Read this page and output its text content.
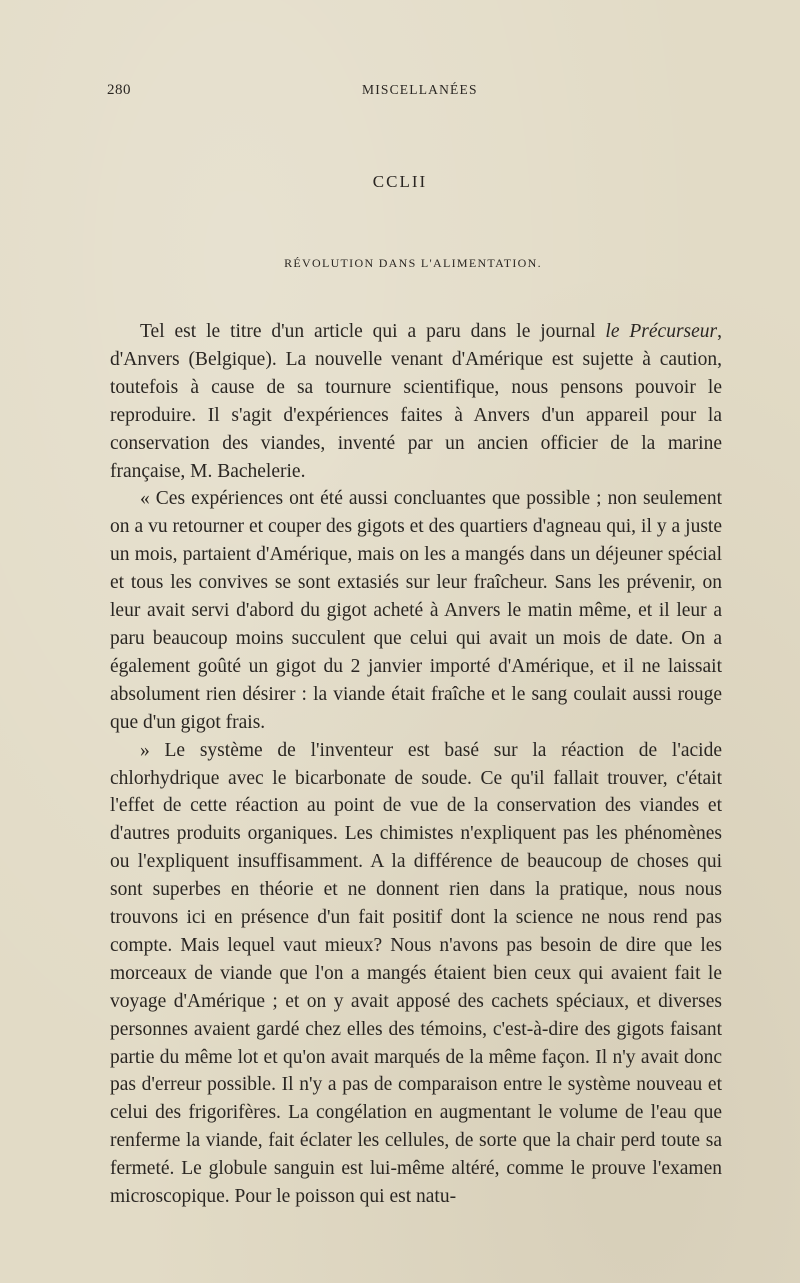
280	MISCELLANÉES
CCLII
RÉVOLUTION DANS L'ALIMENTATION.

Tel est le titre d'un article qui a paru dans le journal le Précurseur, d'Anvers (Belgique). La nouvelle venant d'Amérique est sujette à caution, toutefois à cause de sa tournure scientifique, nous pensons pouvoir le reproduire. Il s'agit d'expériences faites à Anvers d'un appareil pour la conservation des viandes, inventé par un ancien officier de la marine française, M. Bachelerie.

« Ces expériences ont été aussi concluantes que possible ; non seulement on a vu retourner et couper des gigots et des quartiers d'agneau qui, il y a juste un mois, partaient d'Amérique, mais on les a mangés dans un déjeuner spécial et tous les convives se sont extasiés sur leur fraîcheur. Sans les prévenir, on leur avait servi d'abord du gigot acheté à Anvers le matin même, et il leur a paru beaucoup moins succulent que celui qui avait un mois de date. On a également goûté un gigot du 2 janvier importé d'Amérique, et il ne laissait absolument rien désirer : la viande était fraîche et le sang coulait aussi rouge que d'un gigot frais.

» Le système de l'inventeur est basé sur la réaction de l'acide chlorhydrique avec le bicarbonate de soude. Ce qu'il fallait trouver, c'était l'effet de cette réaction au point de vue de la conservation des viandes et d'autres produits organiques. Les chimistes n'expliquent pas les phénomènes ou l'expliquent insuffisamment. A la différence de beaucoup de choses qui sont superbes en théorie et ne donnent rien dans la pratique, nous nous trouvons ici en présence d'un fait positif dont la science ne nous rend pas compte. Mais lequel vaut mieux? Nous n'avons pas besoin de dire que les morceaux de viande que l'on a mangés étaient bien ceux qui avaient fait le voyage d'Amérique ; et on y avait apposé des cachets spéciaux, et diverses personnes avaient gardé chez elles des témoins, c'est-à-dire des gigots faisant partie du même lot et qu'on avait marqués de la même façon. Il n'y avait donc pas d'erreur possible. Il n'y a pas de comparaison entre le système nouveau et celui des frigorifères. La congélation en augmentant le volume de l'eau que renferme la viande, fait éclater les cellules, de sorte que la chair perd toute sa fermeté. Le globule sanguin est lui-même altéré, comme le prouve l'examen microscopique. Pour le poisson qui est natu-
